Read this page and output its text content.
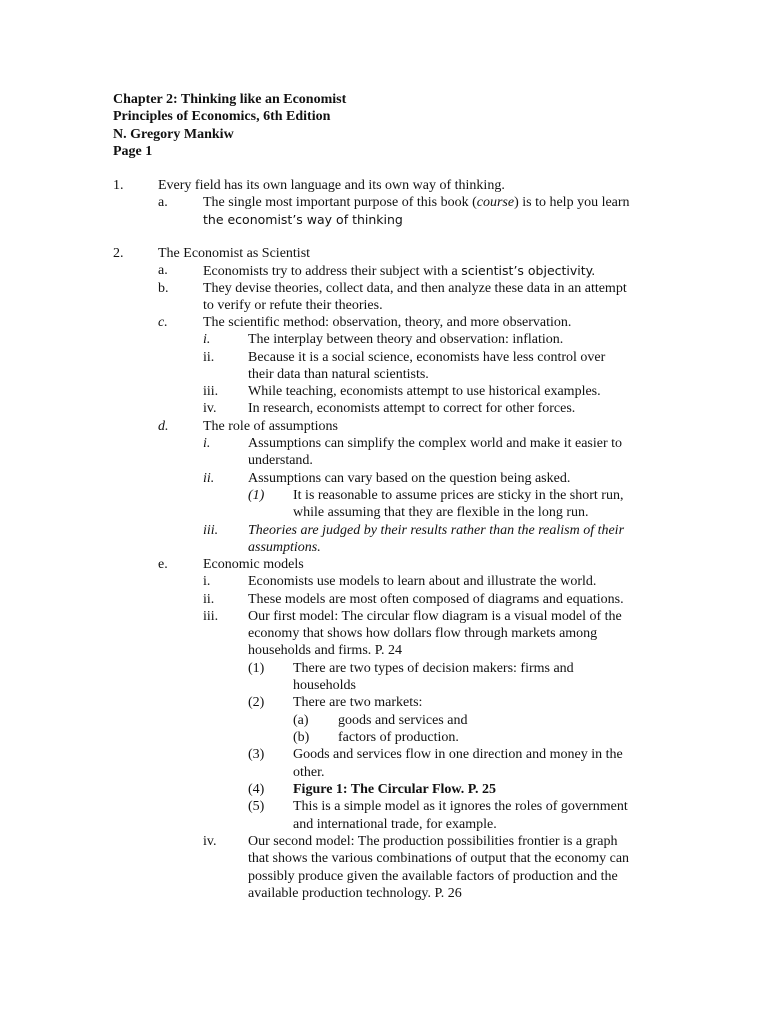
Chapter 2: Thinking like an Economist
Principles of Economics, 6th Edition
N. Gregory Mankiw
Page 1
1. Every field has its own language and its own way of thinking.
a.	The single most important purpose of this book (course) is to help you learn
the economist’s way of thinking
2. The Economist as Scientist
a.	Economists try to address their subject with a scientist’s objectivity.
b. They devise theories, collect data, and then analyze these data in an attempt
to verify or refute their theories.
c.	The scientific method: observation, theory, and more observation.
i.	The interplay between theory and observation: inflation.
ii. Because it is a social science, economists have less control over
their data than natural scientists.
iii. While teaching, economists attempt to use historical examples.
iv. In research, economists attempt to correct for other forces.
d. The role of assumptions
i.	Assumptions can simplify the complex world and make it easier to
understand.
ii. Assumptions can vary based on the question being asked.
(1) It is reasonable to assume prices are sticky in the short run,
while assuming that they are flexible in the long run.
iii. Theories are judged by their results rather than the realism of their
assumptions.
e.	Economic models
i.	Economists use models to learn about and illustrate the world.
ii. These models are most often composed of diagrams and equations.
iii. Our first model: The circular flow diagram is a visual model of the
economy that shows how dollars flow through markets among
households and firms. P. 24
(1) There are two types of decision makers: firms and
households
(2) There are two markets:
(a) goods and services and
(b) factors of production.
(3) Goods and services flow in one direction and money in the
other.
(4) Figure 1: The Circular Flow. P. 25
(5) This is a simple model as it ignores the roles of government
and international trade, for example.
iv. Our second model: The production possibilities frontier is a graph
that shows the various combinations of output that the economy can
possibly produce given the available factors of production and the
available production technology. P. 26
